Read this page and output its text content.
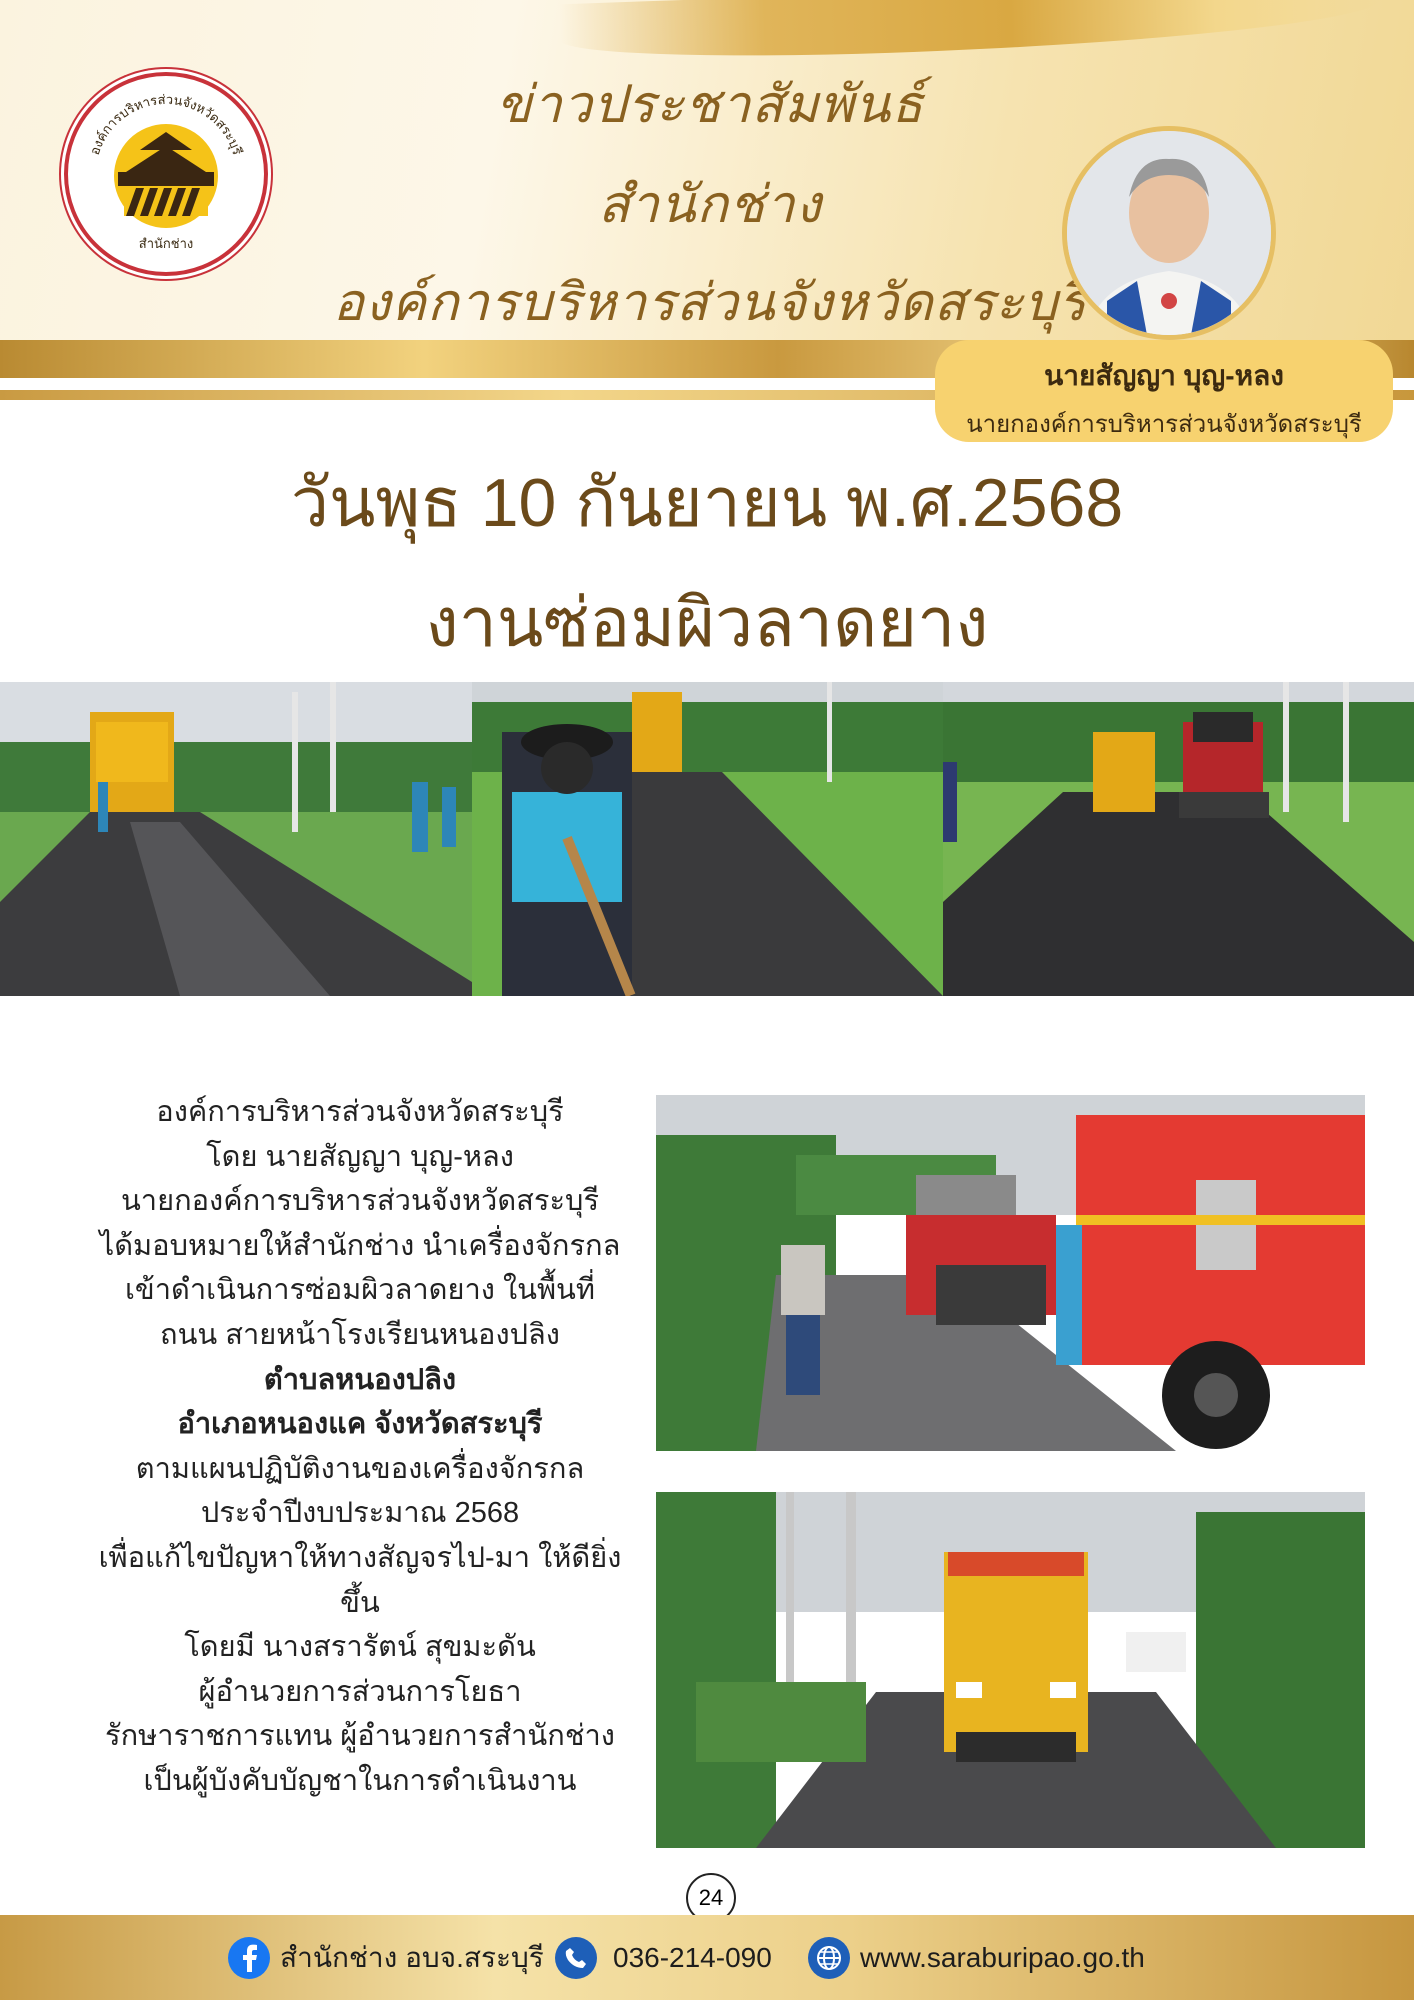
องค์การบริหารส่วนจังหวัดสระบุรี
สำนักช่าง
ข่าวประชาสัมพันธ์
สำนักช่าง
องค์การบริหารส่วนจังหวัดสระบุรี
นายสัญญา บุญ-หลง
นายกองค์การบริหารส่วนจังหวัดสระบุรี
วันพุธ 10 กันยายน พ.ศ.2568
งานซ่อมผิวลาดยาง
องค์การบริหารส่วนจังหวัดสระบุรี
โดย นายสัญญา บุญ-หลง
นายกองค์การบริหารส่วนจังหวัดสระบุรี
ได้มอบหมายให้สำนักช่าง นำเครื่องจักรกล
เข้าดำเนินการซ่อมผิวลาดยาง ในพื้นที่
ถนน สายหน้าโรงเรียนหนองปลิง
ตำบลหนองปลิง
อำเภอหนองแค จังหวัดสระบุรี
ตามแผนปฏิบัติงานของเครื่องจักรกล
ประจำปีงบประมาณ 2568
เพื่อแก้ไขปัญหาให้ทางสัญจรไป-มา ให้ดียิ่งขึ้น
โดยมี นางสรารัตน์ สุขมะดัน
ผู้อำนวยการส่วนการโยธา
รักษาราชการแทน ผู้อำนวยการสำนักช่าง
เป็นผู้บังคับบัญชาในการดำเนินงาน
24
สำนักช่าง อบจ.สระบุรี 036-214-090	www.saraburipao.go.th
